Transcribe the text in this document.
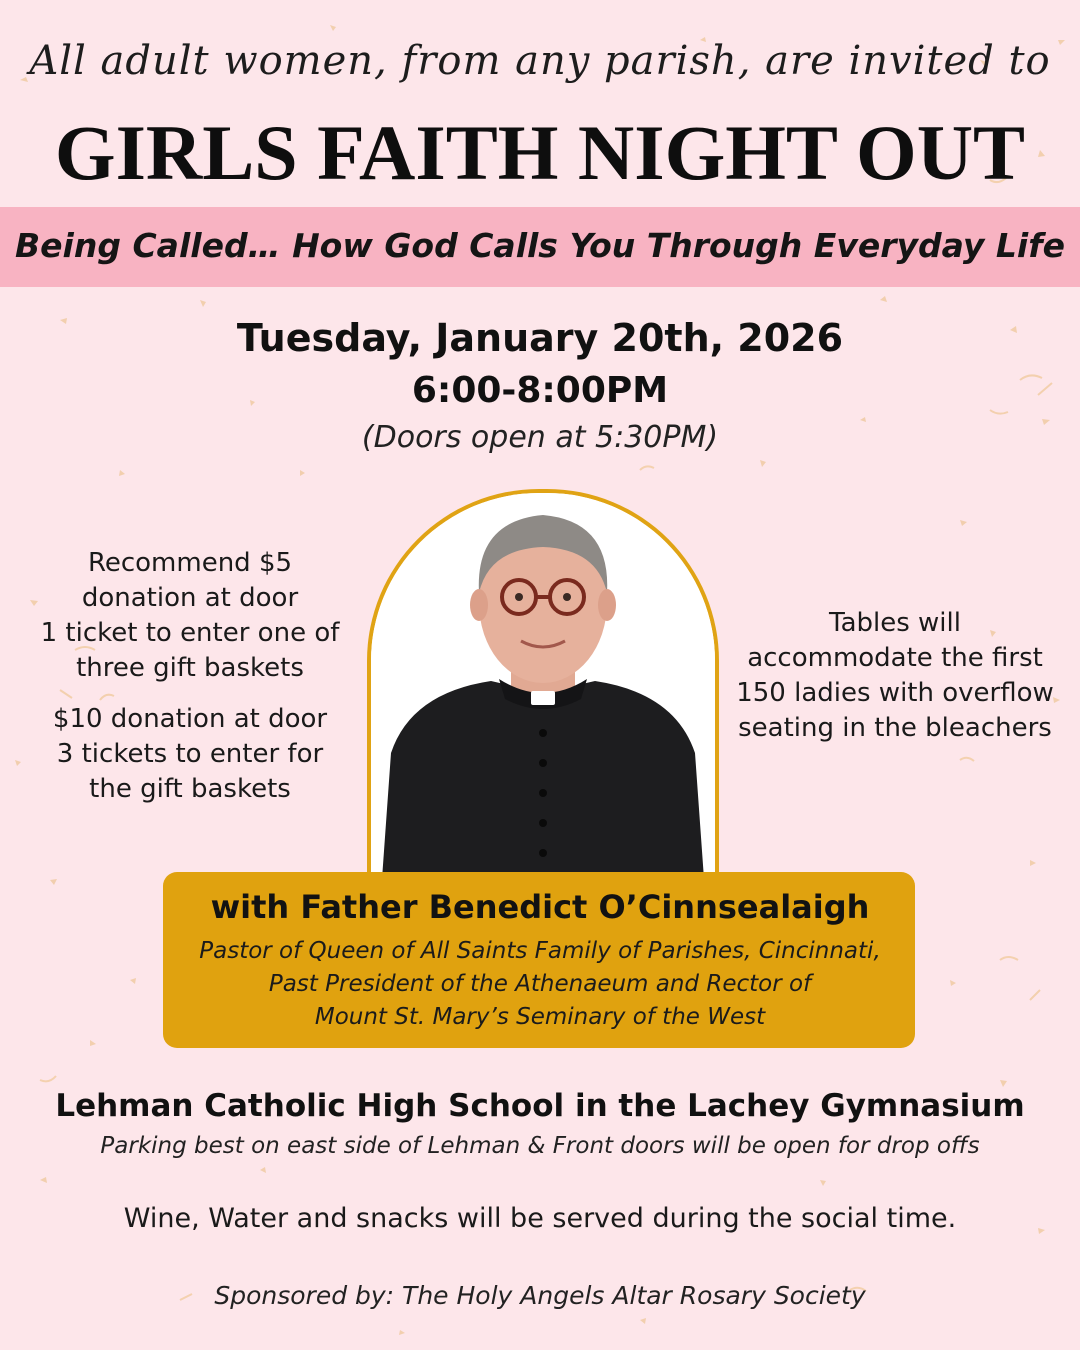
All adult women, from any parish, are invited to
GIRLS FAITH NIGHT OUT
Being Called… How God Calls You Through Everyday Life
Tuesday, January 20th, 2026
6:00-8:00PM
(Doors open at 5:30PM)
Recommend $5
donation at door
1 ticket to enter one of
three gift baskets
$10 donation at door
3 tickets to enter for
the gift baskets
Tables will
accommodate the first
150 ladies with overflow
seating in the bleachers
with Father Benedict O’Cinnsealaigh
Pastor of Queen of All Saints Family of Parishes, Cincinnati,
Past President of the Athenaeum and Rector of
Mount St. Mary’s Seminary of the West
Lehman Catholic High School in the Lachey Gymnasium
Parking best on east side of Lehman & Front doors will be open for drop offs
Wine, Water and snacks will be served during the social time.
Sponsored by: The Holy Angels Altar Rosary Society
